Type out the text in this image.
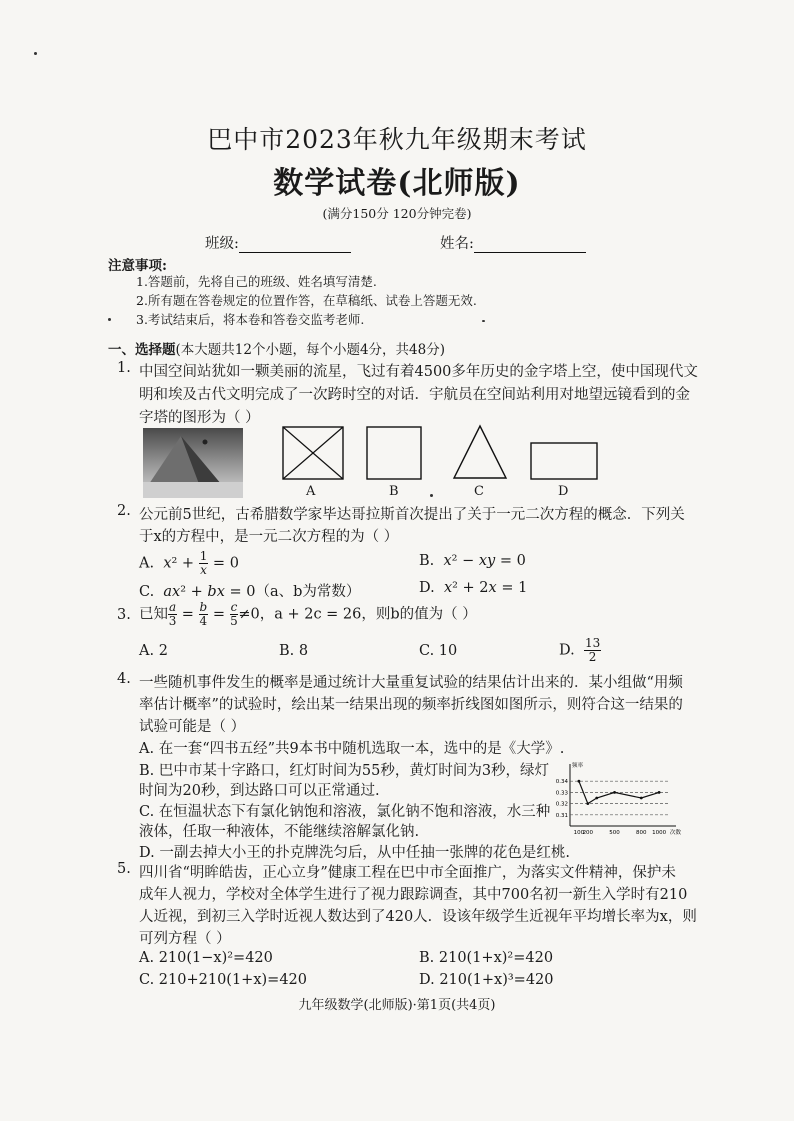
巴中市2023年秋九年级期末考试
数学试卷(北师版)
(满分150分 120分钟完卷)
班级:	姓名:
注意事项:
1.答题前，先将自己的班级、姓名填写清楚.
2.所有题在答卷规定的位置作答，在草稿纸、试卷上答题无效.
3.考试结束后，将本卷和答卷交监考老师.
一、选择题(本大题共12个小题，每个小题4分，共48分)
1. 中国空间站犹如一颗美丽的流星，飞过有着4500多年历史的金字塔上空，使中国现代文
明和埃及古代文明完成了一次跨时空的对话．宇航员在空间站利用对地望远镜看到的金
字塔的图形为（ ）
A	B	C	D
2. 公元前5世纪，古希腊数学家毕达哥拉斯首次提出了关于一元二次方程的概念．下列关
于x的方程中，是一元二次方程的为（ ）
A. $x^2 + \frac{1}{x} = 0$	B. x² − xy = 0
C. ax² + bx = 0（a、b为常数）	D. x² + 2x = 1
3. 已知 $\frac{a}{3} = \frac{b}{4} = \frac{c}{5} \ne 0$，a + 2c = 26，则b的值为（ ）
A. 2	B. 8	C. 10	D. $\frac{13}{2}$
4. 一些随机事件发生的概率是通过统计大量重复试验的结果估计出来的．某小组做“用频
率估计概率”的试验时，绘出某一结果出现的频率折线图如图所示，则符合这一结果的
试验可能是（ ）
A. 在一套“四书五经”共9本书中随机选取一本，选中的是《大学》.
B. 巴中市某十字路口，红灯时间为55秒，黄灯时间为3秒，绿灯
时间为20秒，到达路口可以正常通过.
C. 在恒温状态下有氯化钠饱和溶液，氯化钠不饱和溶液，水三种
液体，任取一种液体，不能继续溶解氯化钠.
D. 一副去掉大小王的扑克牌洗匀后，从中任抽一张牌的花色是红桃.
0.34
0.33
0.32
0.31
100
200	500	800 1000
频率
次数
5. 四川省“明眸皓齿，正心立身”健康工程在巴中市全面推广，为落实文件精神，保护未
成年人视力，学校对全体学生进行了视力跟踪调查，其中700名初一新生入学时有210
人近视，到初三入学时近视人数达到了420人．设该年级学生近视年平均增长率为x，则
可列方程（ ）
A. 210(1−x)²=420	B. 210(1+x)²=420
C. 210+210(1+x)=420	D. 210(1+x)³=420
九年级数学(北师版)·第1页(共4页)
